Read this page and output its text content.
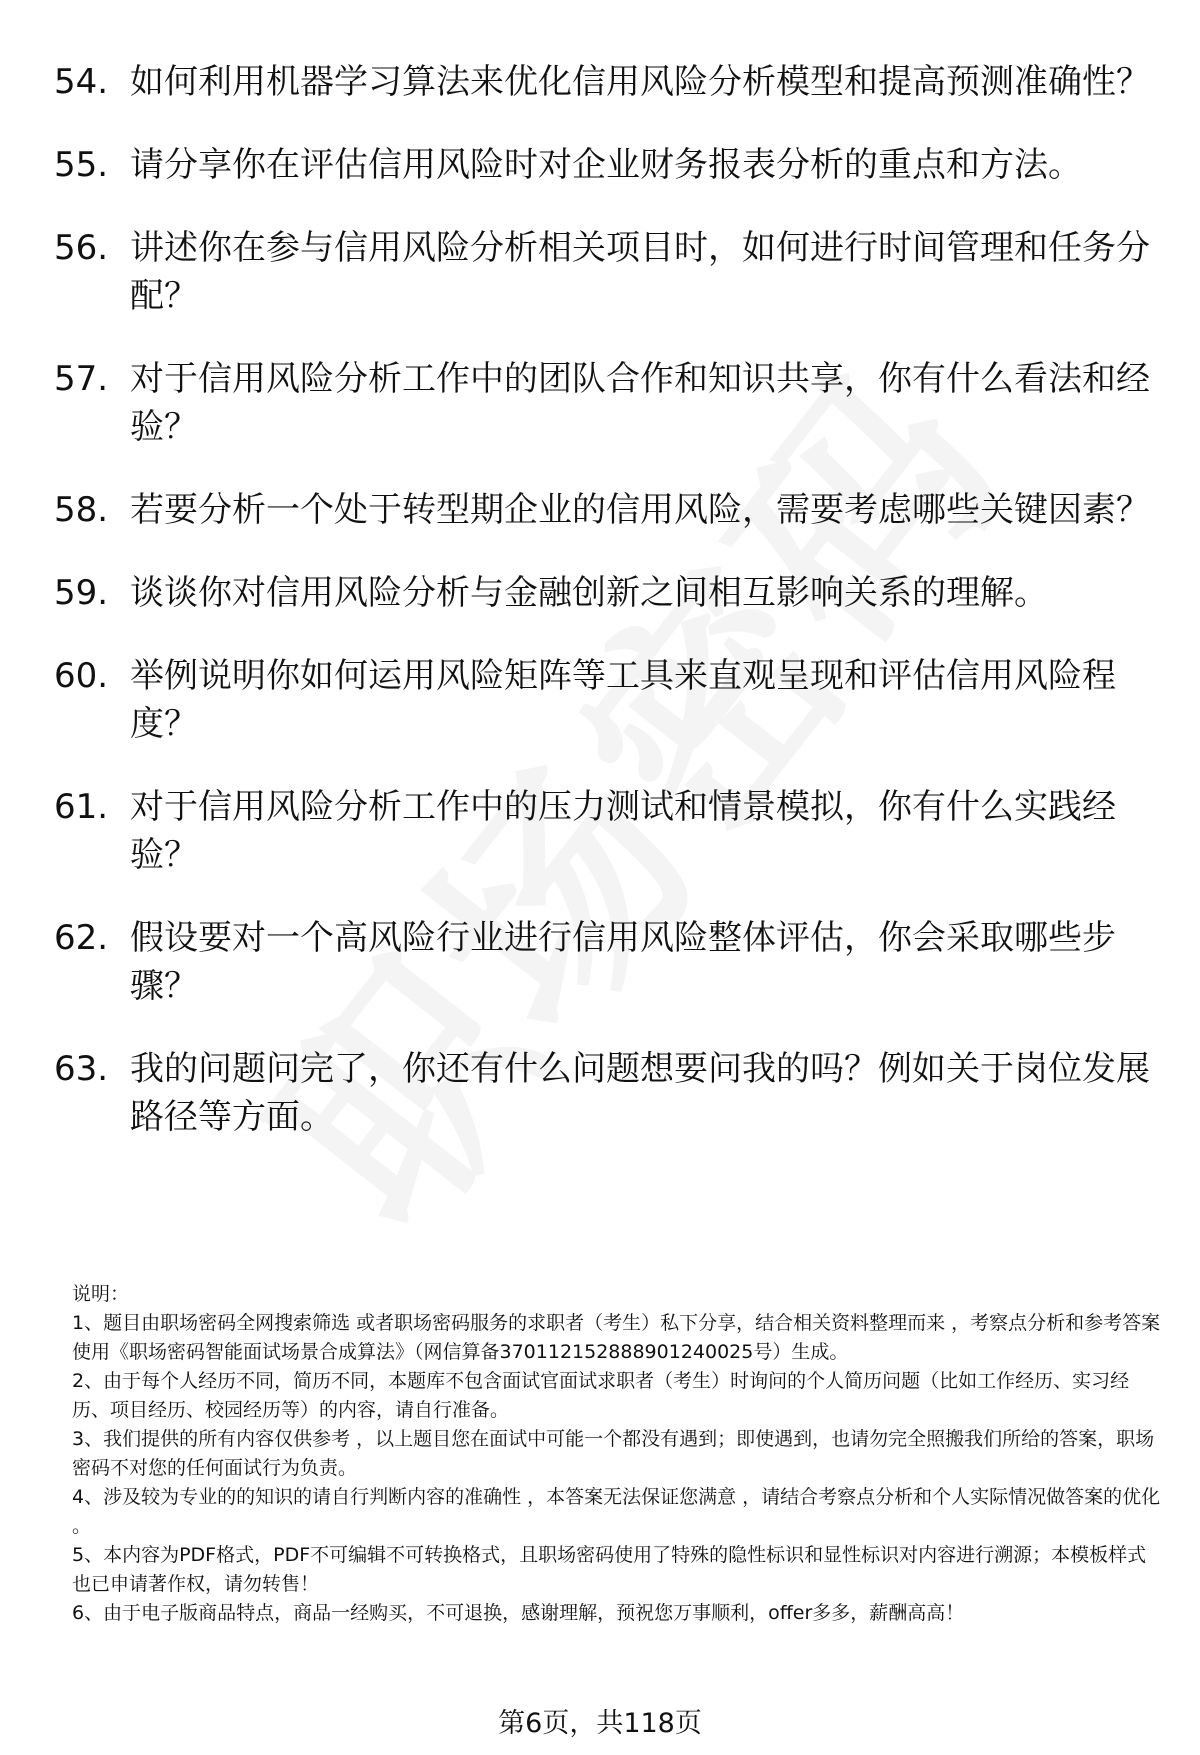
54. 如何利用机器学习算法来优化信用风险分析模型和提高预测准确性？
55. 请分享你在评估信用风险时对企业财务报表分析的重点和方法。
56. 讲述你在参与信用风险分析相关项目时，如何进行时间管理和任务分配？
57. 对于信用风险分析工作中的团队合作和知识共享，你有什么看法和经验？
58. 若要分析一个处于转型期企业的信用风险，需要考虑哪些关键因素？
59. 谈谈你对信用风险分析与金融创新之间相互影响关系的理解。
60. 举例说明你如何运用风险矩阵等工具来直观呈现和评估信用风险程度？
61. 对于信用风险分析工作中的压力测试和情景模拟，你有什么实践经验？
62. 假设要对一个高风险行业进行信用风险整体评估，你会采取哪些步骤？
63. 我的问题问完了，你还有什么问题想要问我的吗？例如关于岗位发展路径等方面。

说明：

1、题目由职场密码全网搜索筛选 或者职场密码服务的求职者（考生）私下分享，结合相关资料整理而来 ，考察点分析和参考答案使用《职场密码智能面试场景合成算法》（网信算备370112152888901240025号）生成。

2、由于每个人经历不同，简历不同，本题库不包含面试官面试求职者（考生）时询问的个人简历问题（比如工作经历、实习经历、项目经历、校园经历等）的内容，请自行准备。

3、我们提供的所有内容仅供参考 ，以上题目您在面试中可能一个都没有遇到；即使遇到，也请勿完全照搬我们所给的答案，职场密码不对您的任何面试行为负责。

4、涉及较为专业的的知识的请自行判断内容的准确性 ，本答案无法保证您满意 ，请结合考察点分析和个人实际情况做答案的优化 。

5、本内容为PDF格式，PDF不可编辑不可转换格式，且职场密码使用了特殊的隐性标识和显性标识对内容进行溯源；本模板样式也已申请著作权，请勿转售！

6、由于电子版商品特点，商品一经购买，不可退换，感谢理解，预祝您万事顺利，offer多多，薪酬高高！

第6页，共118页
